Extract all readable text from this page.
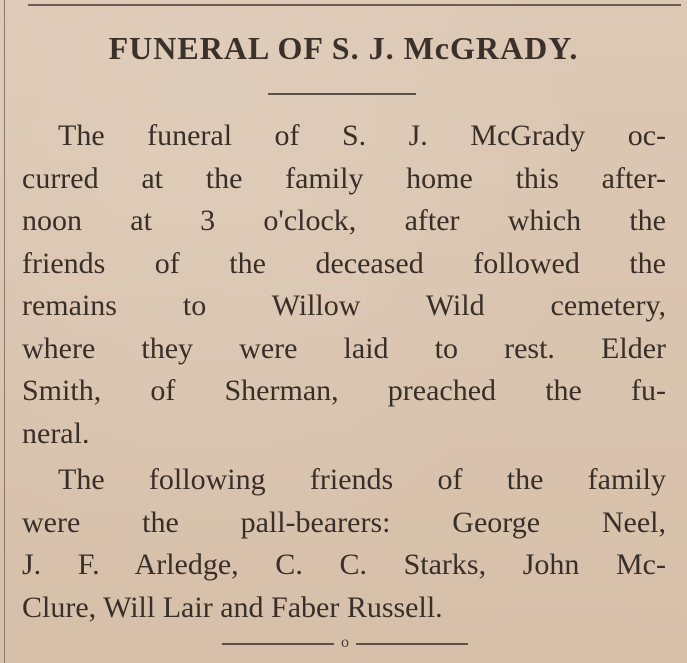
FUNERAL OF S. J. McGRADY.
The funeral of S. J. McGrady oc-
curred at the family home this after-
noon at 3 o'clock, after which the
friends of the deceased followed the
remains to Willow Wild cemetery,
where they were laid to rest. Elder
Smith, of Sherman, preached the fu-
neral.
The following friends of the family
were the pall-bearers: George Neel,
J. F. Arledge, C. C. Starks, John Mc-
Clure, Will Lair and Faber Russell.
o
